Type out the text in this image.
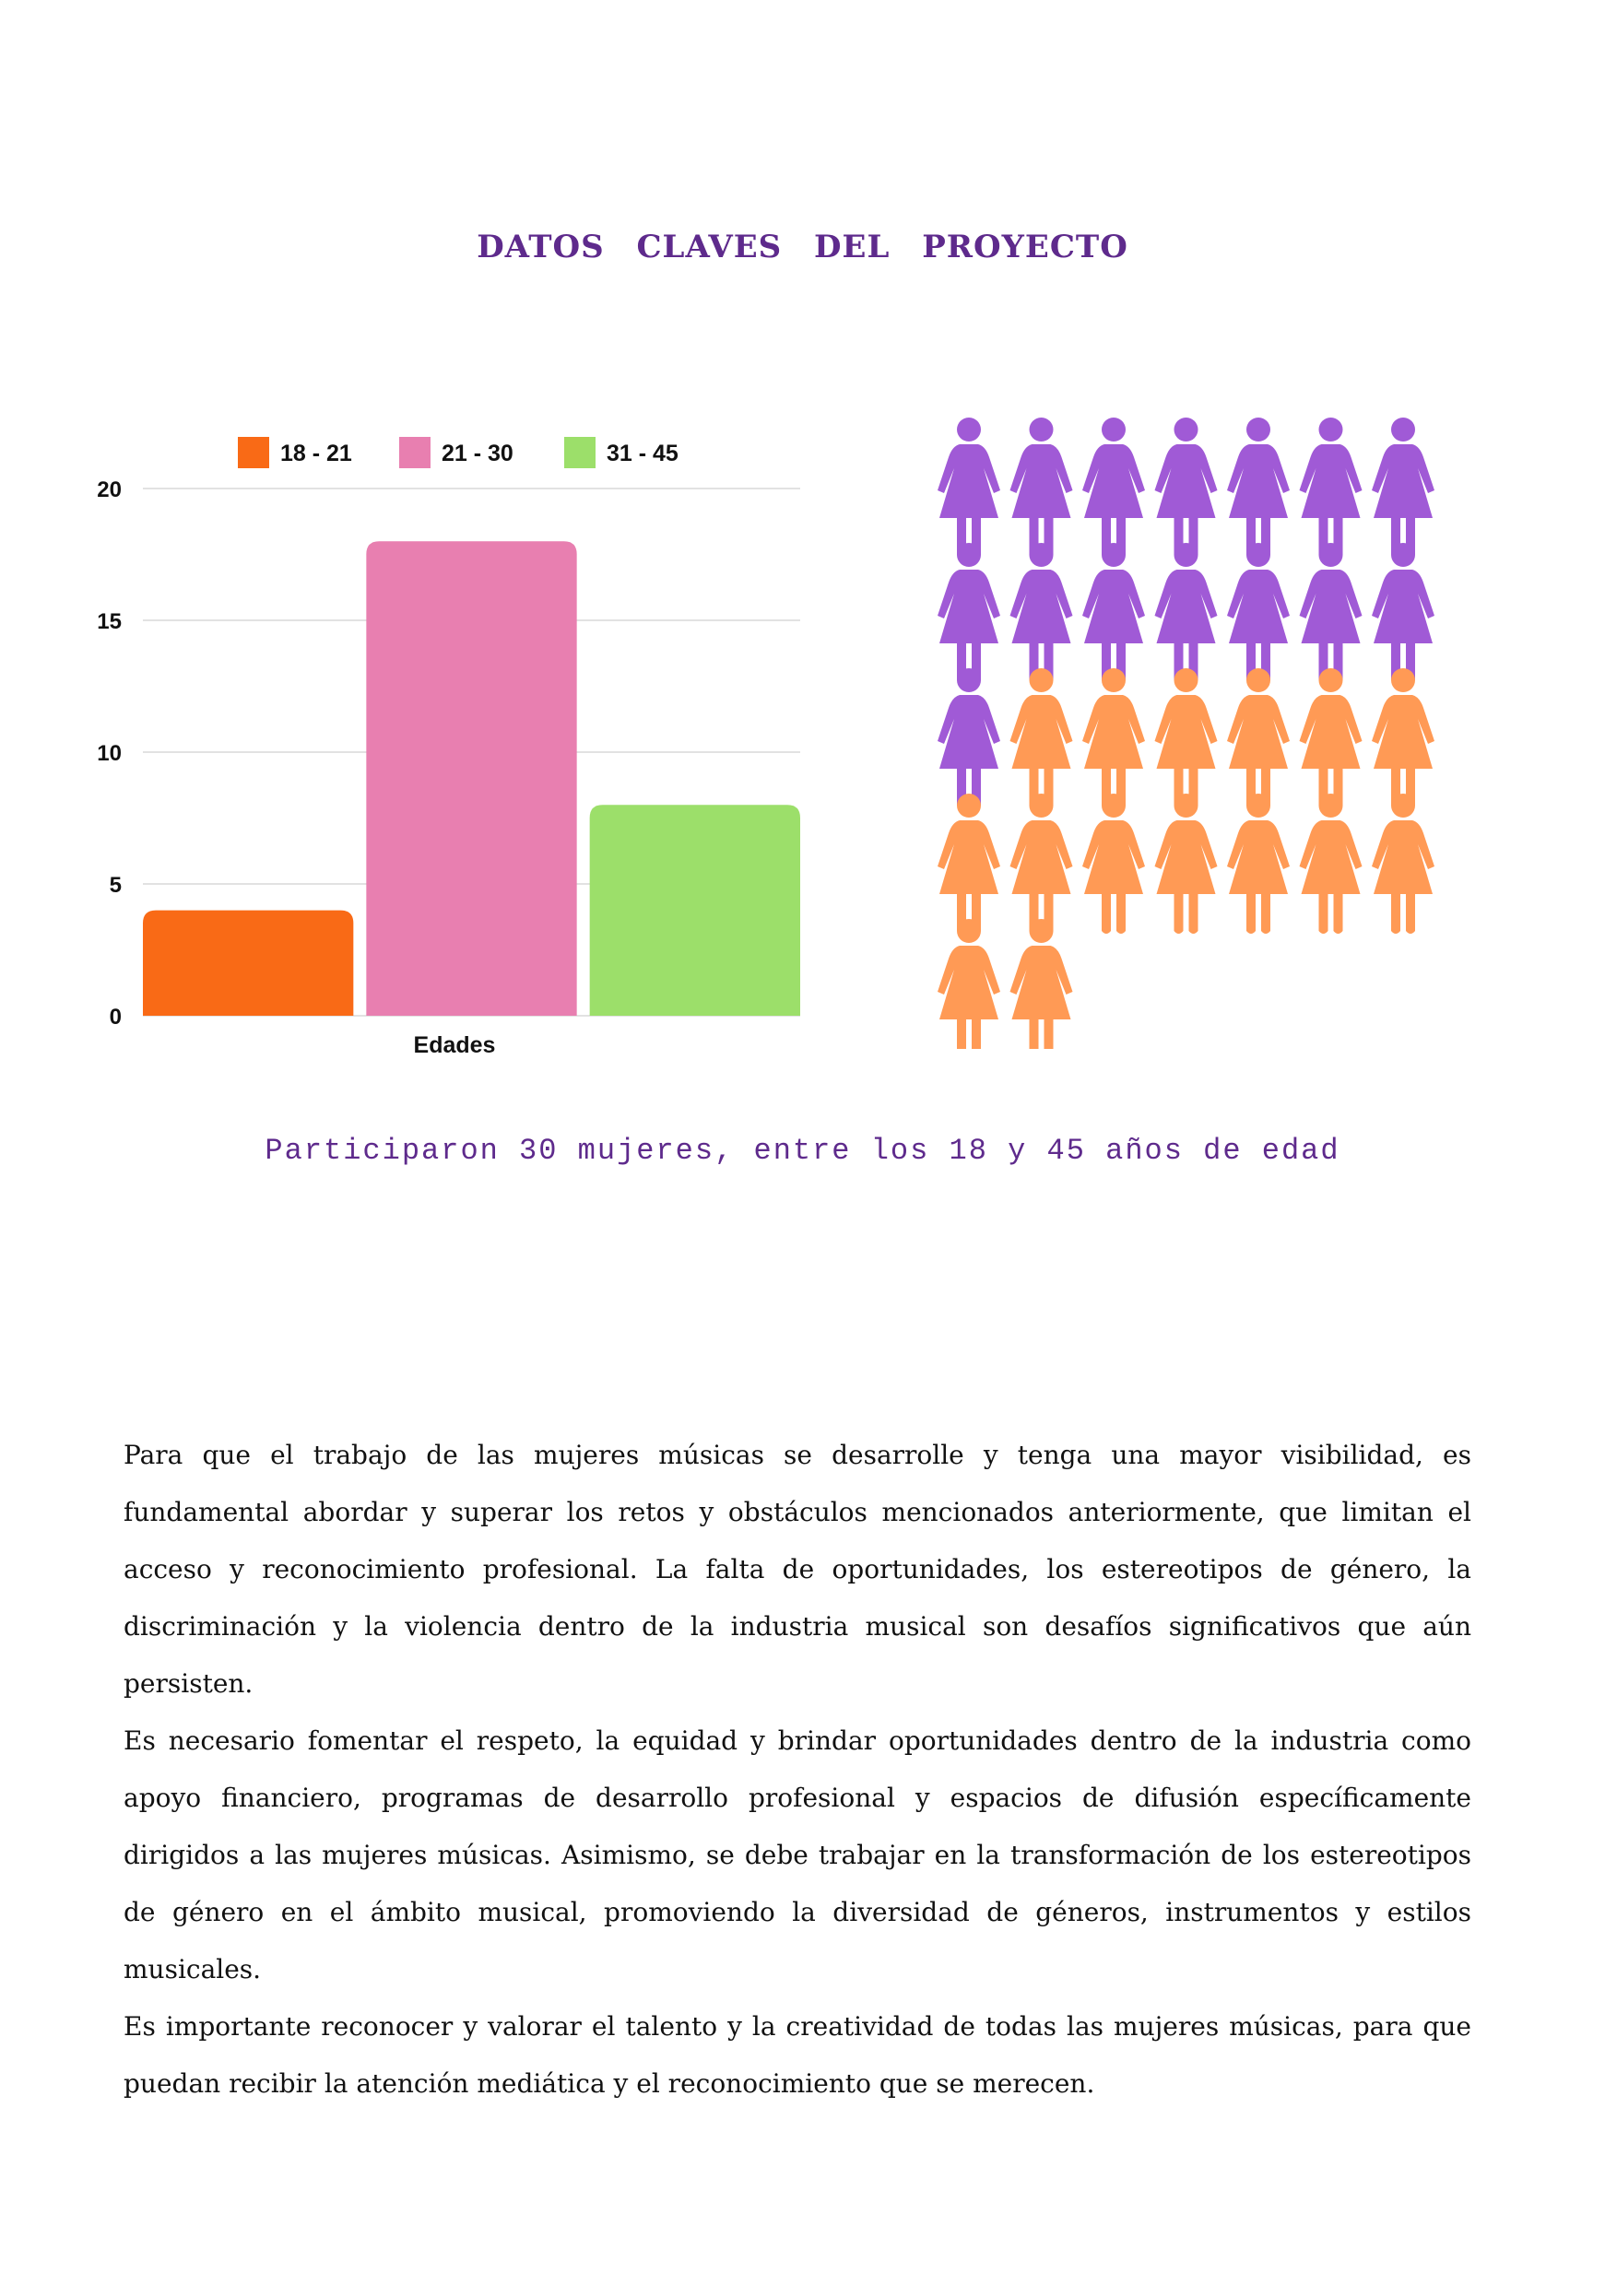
DATOS CLAVES DEL PROYECTO
0
5
10
15
20
18 - 21	21 - 30	31 - 45
Edades
Participaron 30 mujeres, entre los 18 y 45 años de edad

Para que el trabajo de las mujeres músicas se desarrolle y tenga una mayor visibilidad, es fundamental abordar y superar los retos y obstáculos mencionados anteriormente, que limitan el acceso y reconocimiento profesional. La falta de oportunidades, los estereotipos de género, la discriminación y la violencia dentro de la industria musical son desafíos significativos que aún persisten.

Es necesario fomentar el respeto, la equidad y brindar oportunidades dentro de la industria como apoyo financiero, programas de desarrollo profesional y espacios de difusión específicamente dirigidos a las mujeres músicas. Asimismo, se debe trabajar en la transformación de los estereotipos de género en el ámbito musical, promoviendo la diversidad de géneros, instrumentos y estilos musicales.

Es importante reconocer y valorar el talento y la creatividad de todas las mujeres músicas, para que puedan recibir la atención mediática y el reconocimiento que se merecen.
